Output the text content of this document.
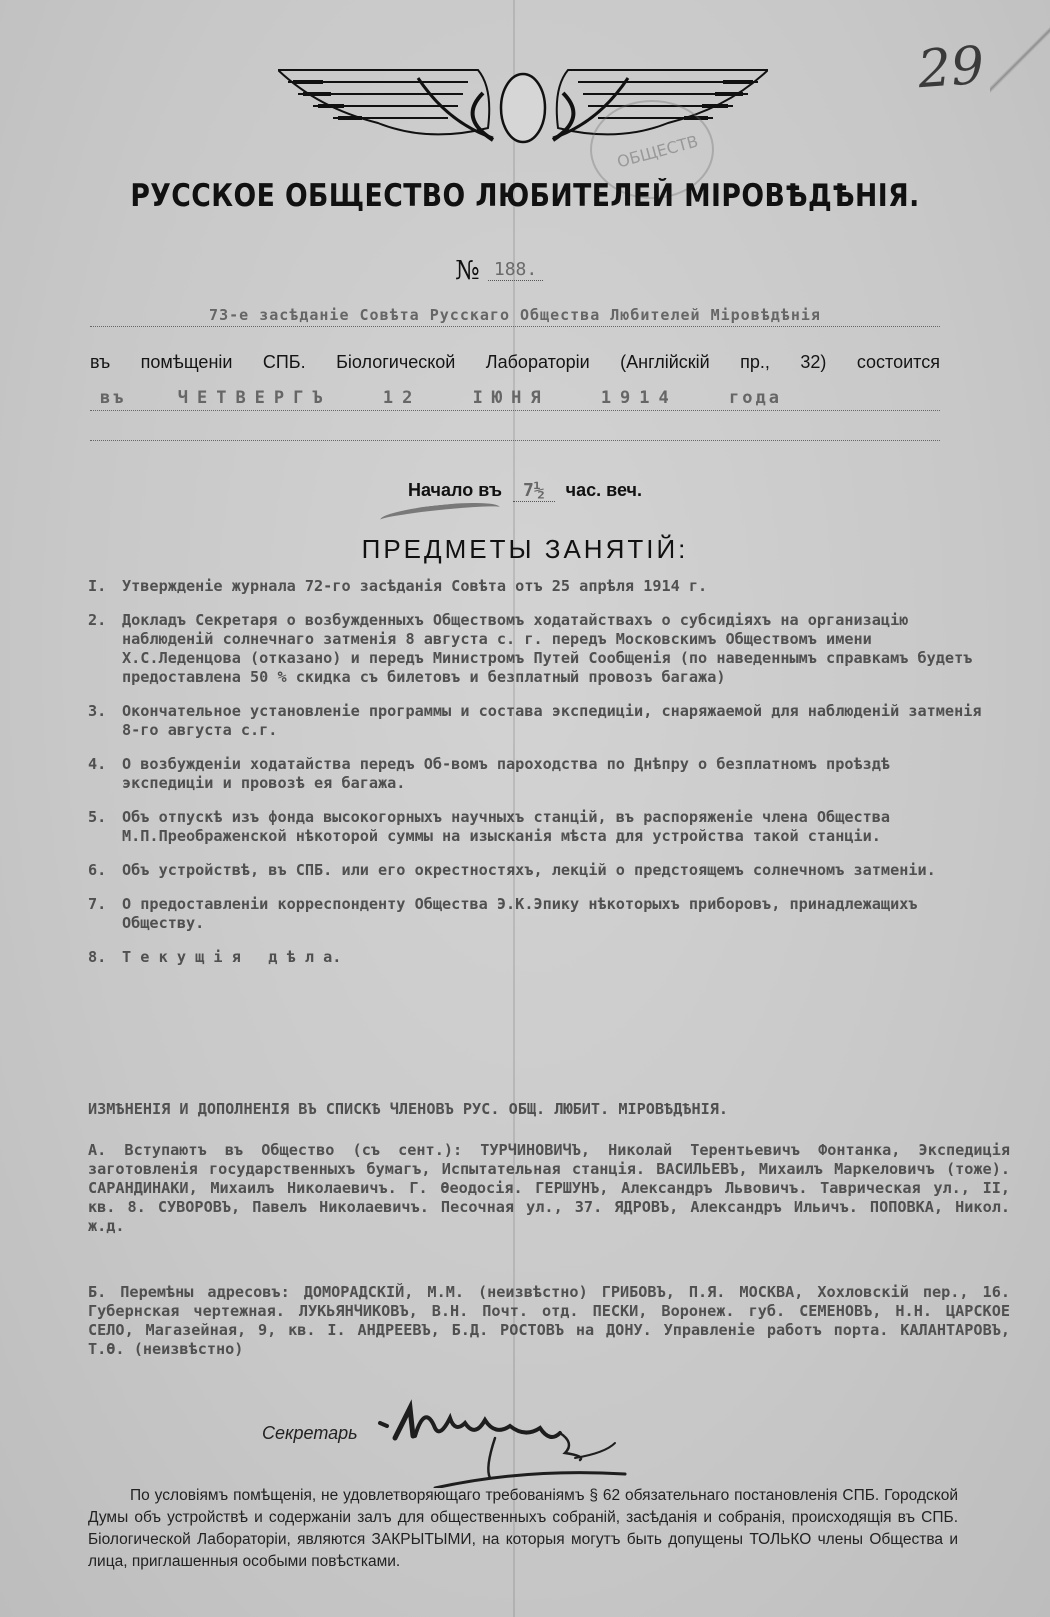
29
ОБЩЕСТВ
РУССКОЕ ОБЩЕСТВО ЛЮБИТЕЛЕЙ МІРОВѢДѢНІЯ.
№ 188.
73-е засѣданіе Совѣта Русскаго Общества Любителей Міровѣдѣнія
въ помѣщеніи СПБ. Біологической Лабораторіи (Англійскій пр., 32) состоится
въ	ЧЕТВЕРГЪ	12	ІЮНЯ	1914	года
Начало въ 7½ час. веч.
ПРЕДМЕТЫ ЗАНЯТІЙ:
I.	Утвержденіе журнала 72-го засѣданія Совѣта отъ 25 апрѣля 1914 г.
2.	Докладъ Секретаря о возбужденныхъ Обществомъ ходатайствахъ о субсидіяхъ на организацію наблюденій солнечнаго затменія 8 августа с. г. передъ Московскимъ Обществомъ имени Х.С.Леденцова (отказано) и передъ Министромъ Путей Сообщенія (по наведеннымъ справкамъ будетъ предоставлена 50 % скидка съ билетовъ и безплатный провозъ багажа)
3.	Окончательное установленіе программы и состава экспедиціи, снаряжаемой для наблюденій затменія 8-го августа с.г.
4.	О возбужденіи ходатайства передъ Об-вомъ пароходства по Днѣпру о безплатномъ проѣздѣ экспедиціи и провозѣ ея багажа.
5.	Объ отпускѣ изъ фонда высокогорныхъ научныхъ станцій, въ распоряженіе члена Общества М.П.Преображенской нѣкоторой суммы на изысканія мѣста для устройства такой станціи.
6.	Объ устройствѣ, въ СПБ. или его окрестностяхъ, лекцій о предстоящемъ солнечномъ затменіи.
7.	О предоставленіи корреспонденту Общества Э.К.Эпику нѣкоторыхъ приборовъ, принадлежащихъ Обществу.
8.	Т е к у щ і я   д ѣ л а.
ИЗМѢНЕНІЯ И ДОПОЛНЕНІЯ ВЪ СПИСКѢ ЧЛЕНОВЪ РУС. ОБЩ. ЛЮБИТ. МІРОВѢДѢНІЯ.
А. Вступаютъ въ Общество (съ сент.): ТУРЧИНОВИЧЪ, Николай Терентьевичъ Фонтанка, Экспедиція заготовленія государственныхъ бумагъ, Испытательная станція. ВАСИЛЬЕВЪ, Михаилъ Маркеловичъ (тоже). САРАНДИНАКИ, Михаилъ Николаевичъ. Г. Ѳеодосія. ГЕРШУНЪ, Александръ Львовичъ. Таврическая ул., II, кв. 8. СУВОРОВЪ, Павелъ Николаевичъ. Песочная ул., 37. ЯДРОВЪ, Александръ Ильичъ. ПОПОВКА, Никол. ж.д.
Б. Перемѣны адресовъ: ДОМОРАДСКІЙ, М.М. (неизвѣстно) ГРИБОВЪ, П.Я. МОСКВА, Хохловскій пер., 16. Губернская чертежная. ЛУКЬЯНЧИКОВЪ, В.Н. Почт. отд. ПЕСКИ, Воронеж. губ. СЕМЕНОВЪ, Н.Н. ЦАРСКОЕ СЕЛО, Магазейная, 9, кв. I. АНДРЕЕВЪ, Б.Д. РОСТОВЪ на ДОНУ. Управленіе работъ порта. КАЛАНТАРОВЪ, Т.Ѳ. (неизвѣстно)
Секретарь
По условіямъ помѣщенія, не удовлетворяющаго требованіямъ § 62 обязательнаго постановленія СПБ. Городской Думы объ устройствѣ и содержаніи залъ для общественныхъ собраній, засѣданія и собранія, происходящія въ СПБ. Біологической Лабораторіи, являются ЗАКРЫТЫМИ, на которыя могутъ быть допущены ТОЛЬКО члены Общества и лица, приглашенныя особыми повѣстками.
